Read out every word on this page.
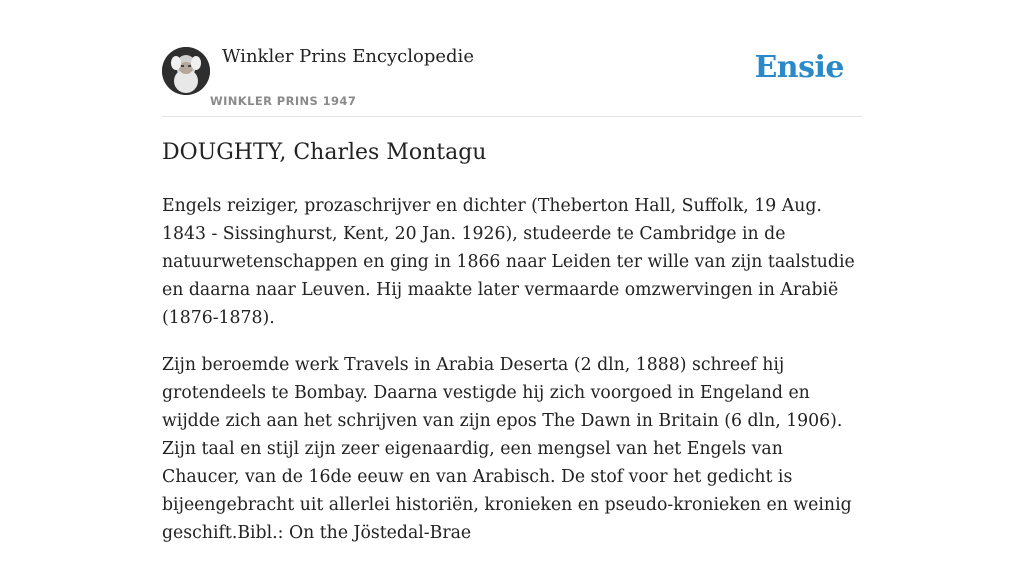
Winkler Prins Encyclopedie
WINKLER PRINS 1947
Ensie
DOUGHTY, Charles Montagu

Engels reiziger, prozaschrijver en dichter (Theberton Hall, Suffolk, 19 Aug. 1843 - Sissinghurst, Kent, 20 Jan. 1926), studeerde te Cambridge in de natuurwetenschappen en ging in 1866 naar Leiden ter wille van zijn taalstudie en daarna naar Leuven. Hij maakte later vermaarde omzwervingen in Arabië (1876-1878).

Zijn beroemde werk Travels in Arabia Deserta (2 dln, 1888) schreef hij grotendeels te Bombay. Daarna vestigde hij zich voorgoed in Engeland en wijdde zich aan het schrijven van zijn epos The Dawn in Britain (6 dln, 1906). Zijn taal en stijl zijn zeer eigenaardig, een mengsel van het Engels van Chaucer, van de 16de eeuw en van Arabisch. De stof voor het gedicht is bijeengebracht uit allerlei historiën, kronieken en pseudo-kronieken en weinig geschift.Bibl.: On the Jöstedal-Brae
